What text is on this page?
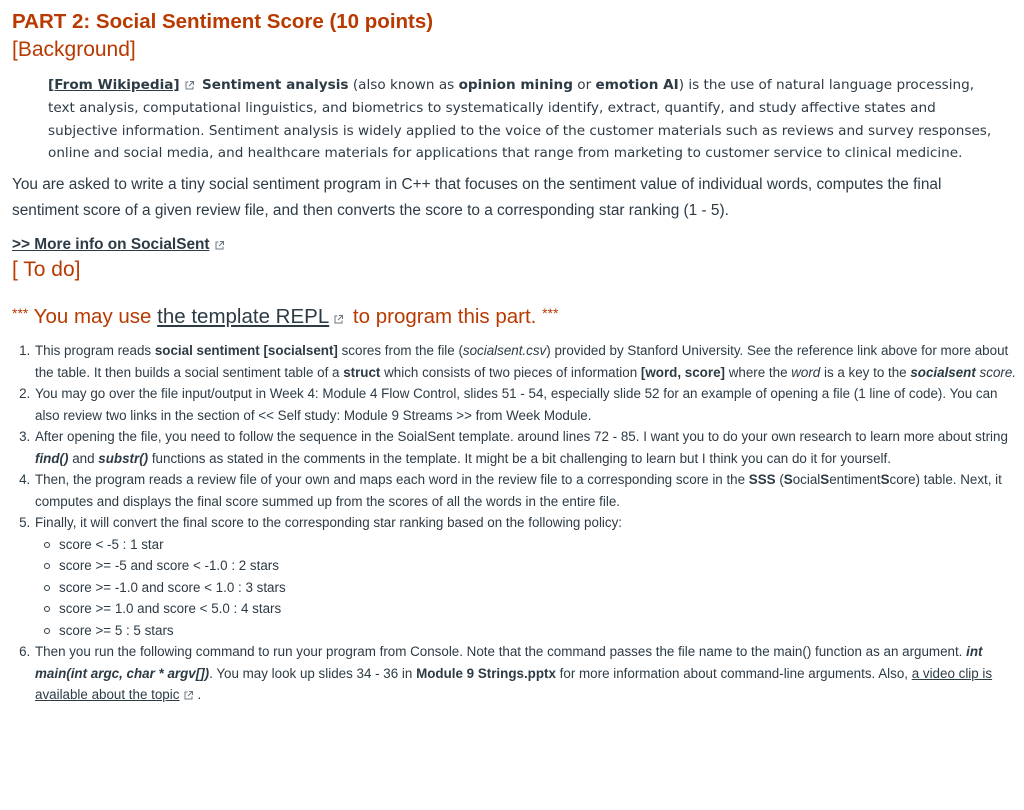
PART 2: Social Sentiment Score (10 points)
[Background]
[From Wikipedia] Sentiment analysis (also known as opinion mining or emotion AI) is the use of natural language processing, text analysis, computational linguistics, and biometrics to systematically identify, extract, quantify, and study affective states and subjective information. Sentiment analysis is widely applied to the voice of the customer materials such as reviews and survey responses, online and social media, and healthcare materials for applications that range from marketing to customer service to clinical medicine.

You are asked to write a tiny social sentiment program in C++ that focuses on the sentiment value of individual words, computes the final sentiment score of a given review file, and then converts the score to a corresponding star ranking (1 - 5).

>> More info on SocialSent
[ To do]
*** You may use the template REPL
to program this part. ***
1. This program reads social sentiment [socialsent] scores from the file (socialsent.csv) provided by Stanford University. See the reference link above for more about the table. It then builds a social sentiment table of a struct which consists of two pieces of information [word, score] where the word is a key to the socialsent score.
2. You may go over the file input/output in Week 4: Module 4 Flow Control, slides 51 - 54, especially slide 52 for an example of opening a file (1 line of code). You can also review two links in the section of << Self study: Module 9 Streams >> from Week Module.
3. After opening the file, you need to follow the sequence in the SoialSent template. around lines 72 - 85. I want you to do your own research to learn more about string find() and substr() functions as stated in the comments in the template. It might be a bit challenging to learn but I think you can do it for yourself.
4. Then, the program reads a review file of your own and maps each word in the review file to a corresponding score in the SSS (SocialSentimentScore) table. Next, it computes and displays the final score summed up from the scores of all the words in the entire file.
5. Finally, it will convert the final score to the corresponding star ranking based on the following policy:
score < -5 : 1 star
score >= -5 and score < -1.0 : 2 stars
score >= -1.0 and score < 1.0 : 3 stars
score >= 1.0 and score < 5.0 : 4 stars
score >= 5 : 5 stars
6. Then you run the following command to run your program from Console. Note that the command passes the file name to the main() function as an argument. int main(int argc, char * argv[]). You may look up slides 34 - 36 in Module 9 Strings.pptx for more information about command-line arguments. Also, a video clip is available about the topic .
